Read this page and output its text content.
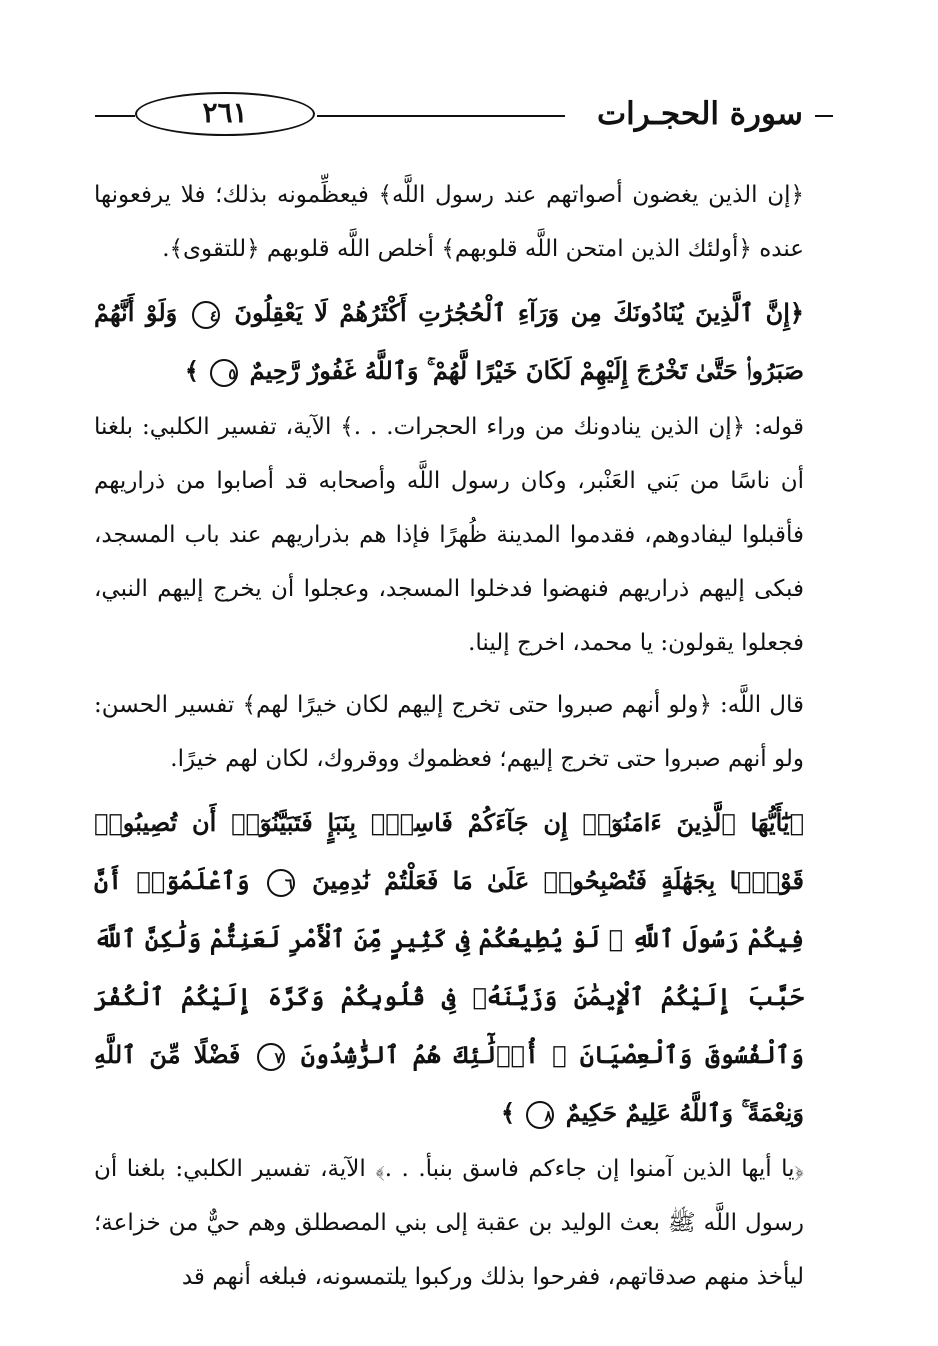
سورة الحجـرات
٢٦١

﴿إن الذين يغضون أصواتهم عند رسول اللَّه﴾ فيعظِّمونه بذلك؛ فلا يرفعونها عنده ﴿أولئك الذين امتحن اللَّه قلوبهم﴾ أخلص اللَّه قلوبهم ﴿للتقوى﴾.

﴿إِنَّ ٱلَّذِينَ يُنَادُونَكَ مِن وَرَآءِ ٱلْحُجُرَٰتِ أَكْثَرُهُمْ لَا يَعْقِلُونَ ٤ وَلَوْ أَنَّهُمْ صَبَرُوا۟ حَتَّىٰ تَخْرُجَ إِلَيْهِمْ لَكَانَ خَيْرًا لَّهُمْ ۚ وَٱللَّهُ غَفُورٌ رَّحِيمٌ ٥ ﴾

قوله: ﴿إن الذين ينادونك من وراء الحجرات. . .﴾ الآية، تفسير الكلبي: بلغنا أن ناسًا من بَني العَنْبر، وكان رسول اللَّه وأصحابه قد أصابوا من ذراريهم فأقبلوا ليفادوهم، فقدموا المدينة ظُهرًا فإذا هم بذراريهم عند باب المسجد، فبكى إليهم ذراريهم فنهضوا فدخلوا المسجد، وعجلوا أن يخرج إليهم النبي، فجعلوا يقولون: يا محمد، اخرج إلينا.

قال اللَّه: ﴿ولو أنهم صبروا حتى تخرج إليهم لكان خيرًا لهم﴾ تفسير الحسن: ولو أنهم صبروا حتى تخرج إليهم؛ فعظموك ووقروك، لكان لهم خيرًا.

﴿يَٰٓأَيُّهَا ٱلَّذِينَ ءَامَنُوٓا۟ إِن جَآءَكُمْ فَاسِقٌۢ بِنَبَإٍ فَتَبَيَّنُوٓا۟ أَن تُصِيبُوا۟ قَوْمًۢا بِجَهَٰلَةٍ فَتُصْبِحُوا۟ عَلَىٰ مَا فَعَلْتُمْ نَٰدِمِينَ ٦ وَٱعْلَمُوٓا۟ أَنَّ فِيكُمْ رَسُولَ ٱللَّهِ ۚ لَوْ يُطِيعُكُمْ فِى كَثِيرٍ مِّنَ ٱلْأَمْرِ لَعَنِتُّمْ وَلَٰكِنَّ ٱللَّهَ حَبَّبَ إِلَيْكُمُ ٱلْإِيمَٰنَ وَزَيَّنَهُۥ فِى قُلُوبِكُمْ وَكَرَّهَ إِلَيْكُمُ ٱلْكُفْرَ وَٱلْفُسُوقَ وَٱلْعِصْيَانَ ۚ أُو۟لَٰٓئِكَ هُمُ ٱلرَّٰشِدُونَ ٧ فَضْلًا مِّنَ ٱللَّهِ وَنِعْمَةً ۚ وَٱللَّهُ عَلِيمٌ حَكِيمٌ ٨ ﴾

﴿يا أيها الذين آمنوا إن جاءكم فاسق بنبأ. . .﴾ الآية، تفسير الكلبي: بلغنا أن رسول اللَّه ﷺ بعث الوليد بن عقبة إلى بني المصطلق وهم حيٌّ من خزاعة؛ ليأخذ منهم صدقاتهم، ففرحوا بذلك وركبوا يلتمسونه، فبلغه أنهم قد
